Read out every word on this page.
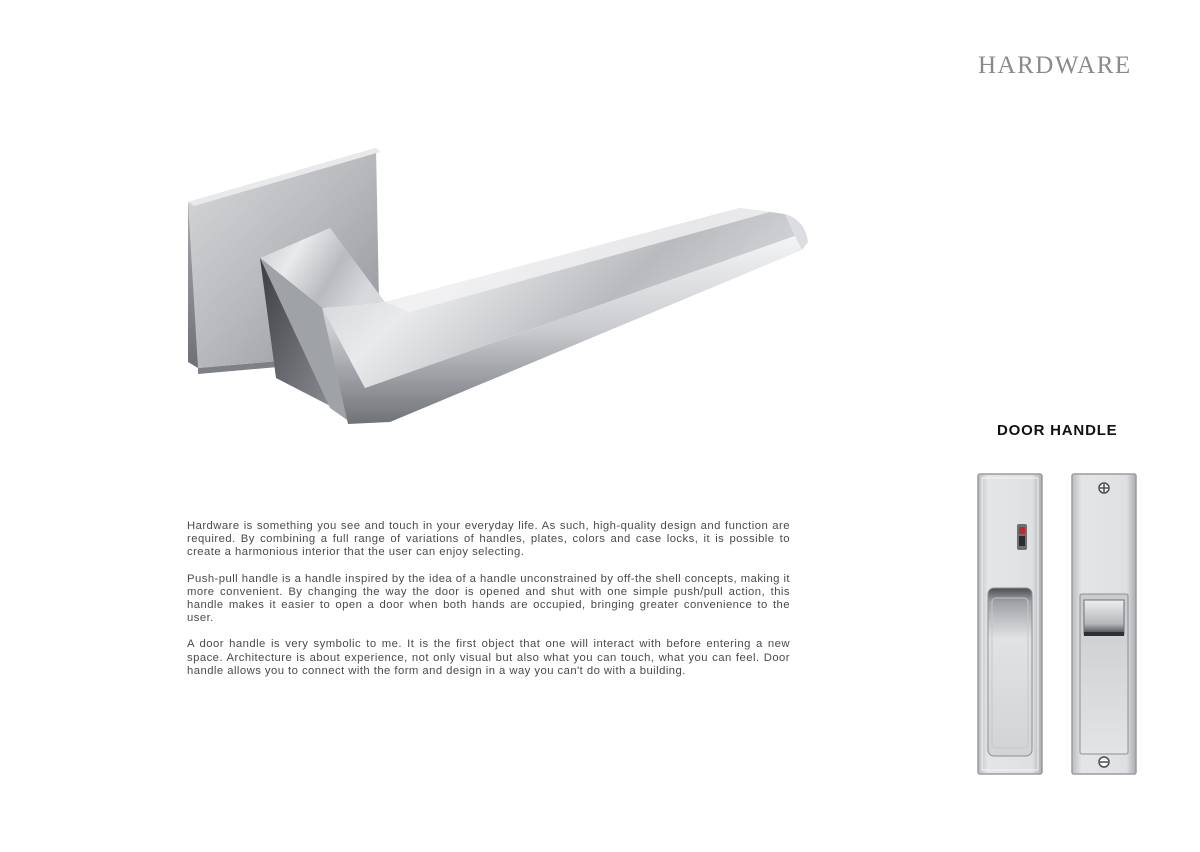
HARDWARE

Hardware is something you see and touch in your everyday life. As such, high-quality design and function are required. By combining a full range of variations of handles, plates, colors and case locks, it is possible to create a harmonious interior that the user can enjoy selecting.

Push-pull handle is a handle inspired by the idea of a handle unconstrained by off-the shell concepts, making it more convenient. By changing the way the door is opened and shut with one simple push/pull action, this handle makes it easier to open a door when both hands are occupied, bringing greater convenience to the user.

A door handle is very symbolic to me. It is the first object that one will interact with before entering a new space. Architecture is about experience, not only visual but also what you can touch, what you can feel. Door handle allows you to connect with the form and design in a way you can't do with a building.

DOOR HANDLE
